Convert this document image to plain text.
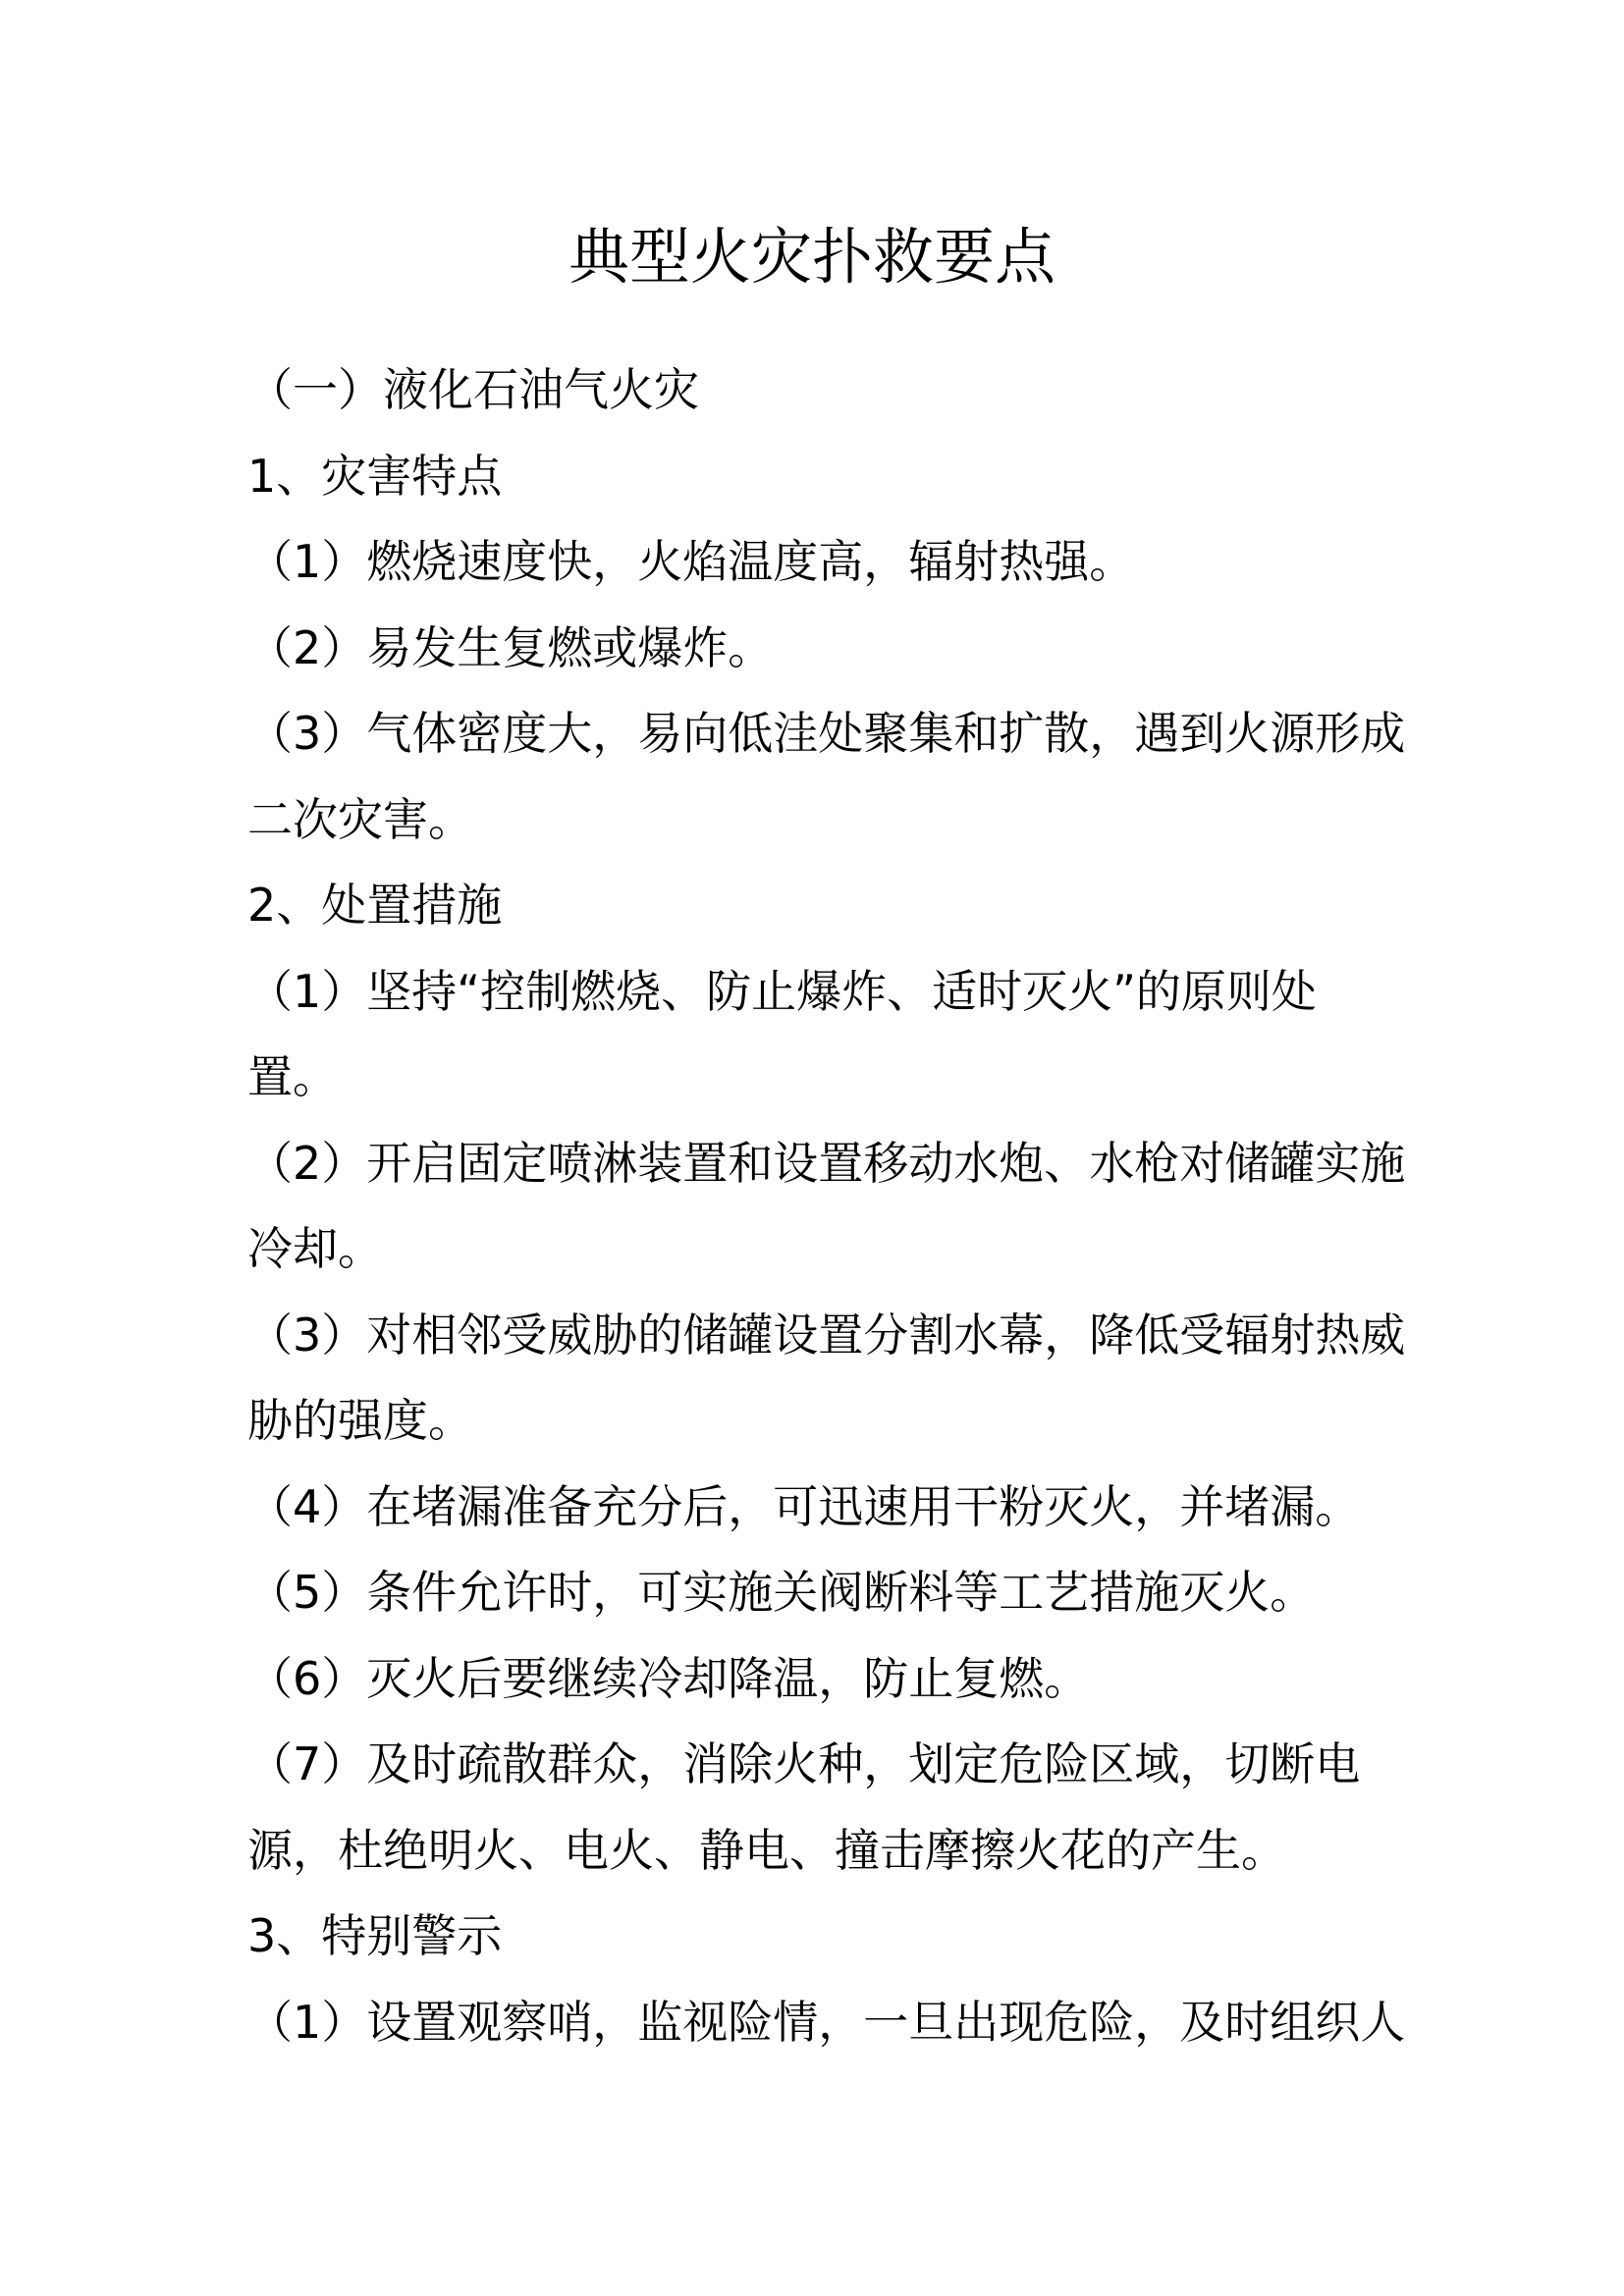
典型火灾扑救要点
（一）液化石油气火灾
1、灾害特点
（1）燃烧速度快，火焰温度高，辐射热强。
（2）易发生复燃或爆炸。
（3）气体密度大，易向低洼处聚集和扩散，遇到火源形成
二次灾害。
2、处置措施
（1）坚持“控制燃烧、防止爆炸、适时灭火”的原则处
置。
（2）开启固定喷淋装置和设置移动水炮、水枪对储罐实施
冷却。
（3）对相邻受威胁的储罐设置分割水幕，降低受辐射热威
胁的强度。
（4）在堵漏准备充分后，可迅速用干粉灭火，并堵漏。
（5）条件允许时，可实施关阀断料等工艺措施灭火。
（6）灭火后要继续冷却降温，防止复燃。
（7）及时疏散群众，消除火种，划定危险区域，切断电
源，杜绝明火、电火、静电、撞击摩擦火花的产生。
3、特别警示
（1）设置观察哨，监视险情，一旦出现危险，及时组织人
